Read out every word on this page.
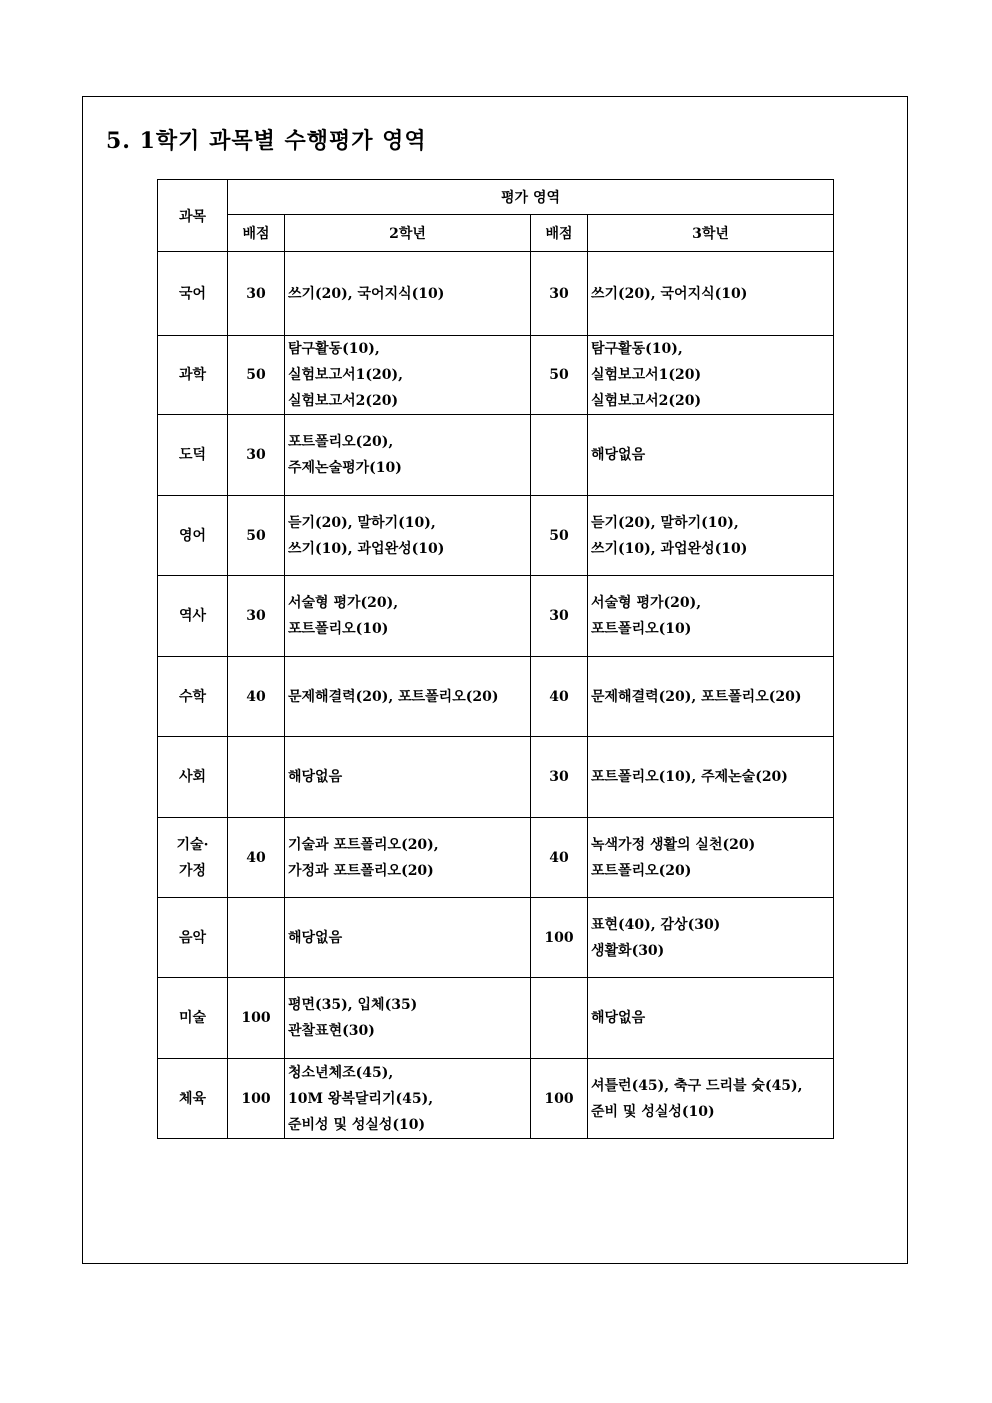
5. 1학기 과목별 수행평가 영역
과목	평가 영역			
	배점	2학년	배점	3학년

국어	30	쓰기(20), 국어지식(10)	30	쓰기(20), 국어지식(10)

과학	50	탐구활동(10),
실험보고서1(20),
실험보고서2(20)	50	탐구활동(10),
실험보고서1(20)
실험보고서2(20)

도덕	30	포트폴리오(20),
주제논술평가(10)		해당없음

영어	50	듣기(20), 말하기(10),
쓰기(10), 과업완성(10)	50	듣기(20), 말하기(10),
쓰기(10), 과업완성(10)

역사	30	서술형 평가(20),
포트폴리오(10)	30	서술형 평가(20),
포트폴리오(10)

수학	40	문제해결력(20), 포트폴리오(20)	40	문제해결력(20), 포트폴리오(20)

사회		해당없음	30	포트폴리오(10), 주제논술(20)

기술·
가정	40	기술과 포트폴리오(20),
가정과 포트폴리오(20)	40	녹색가정 생활의 실천(20)
포트폴리오(20)

음악		해당없음	100	표현(40), 감상(30)
생활화(30)

미술	100	평면(35), 입체(35)
관찰표현(30)		해당없음

체육	100	청소년체조(45),
10M 왕복달리기(45),
준비성 및 성실성(10)	100	셔틀런(45), 축구 드리블 슛(45),
준비 및 성실성(10)
